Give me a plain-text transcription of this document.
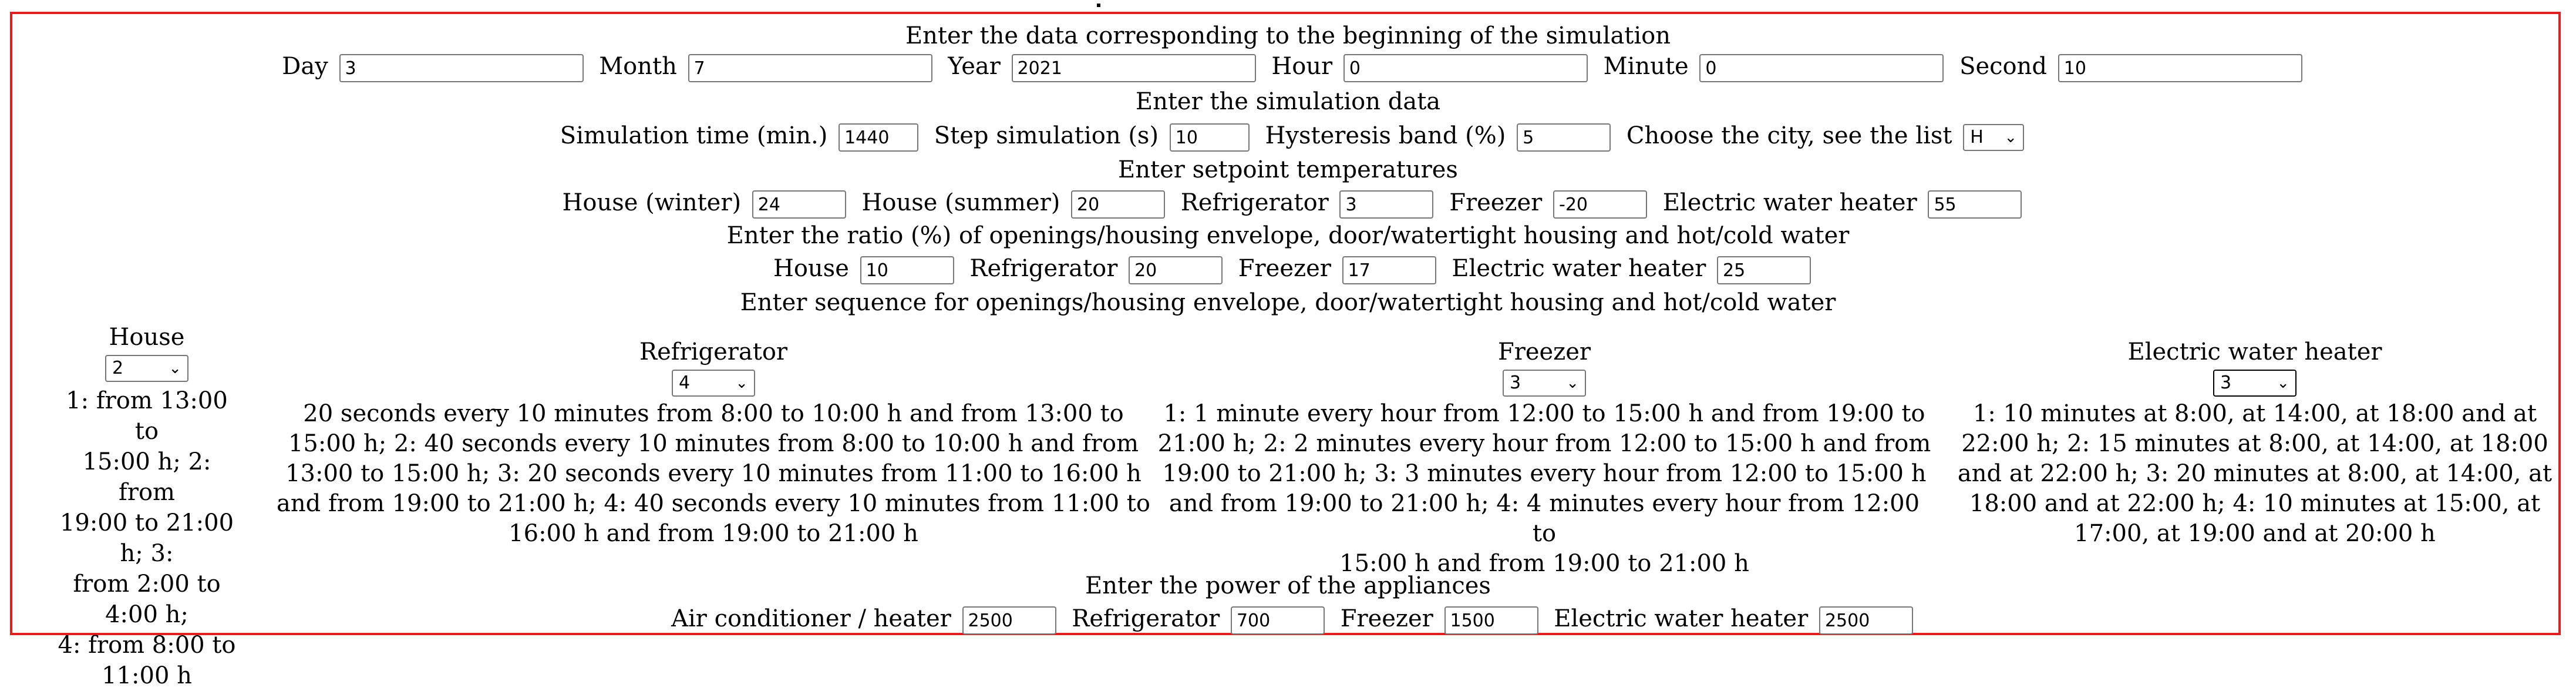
Enter the data corresponding to the beginning of the simulation
Day 3	Month 7	Year 2021	Hour 0	Minute 0	Second 10
Enter the simulation data
Simulation time (min.) 1440	Step simulation (s) 10	Hysteresis band (%) 5	Choose the city, see the list H ⌄
Enter setpoint temperatures
House (winter) 24	House (summer) 20	Refrigerator 3	Freezer -20	Electric water heater 55
Enter the ratio (%) of openings/housing envelope, door/watertight housing and hot/cold water
House 10	Refrigerator 20	Freezer 17	Electric water heater 25
Enter sequence for openings/housing envelope, door/watertight housing and hot/cold water
House
2	⌄
1: from 13:00 to
15:00 h; 2: from
19:00 to 21:00 h; 3:
from 2:00 to 4:00 h;
4: from 8:00 to
11:00 h
Refrigerator
4	⌄
20 seconds every 10 minutes from 8:00 to 10:00 h and from 13:00 to
15:00 h; 2: 40 seconds every 10 minutes from 8:00 to 10:00 h and from
13:00 to 15:00 h; 3: 20 seconds every 10 minutes from 11:00 to 16:00 h
and from 19:00 to 21:00 h; 4: 40 seconds every 10 minutes from 11:00 to
16:00 h and from 19:00 to 21:00 h
Freezer
3	⌄
1: 1 minute every hour from 12:00 to 15:00 h and from 19:00 to
21:00 h; 2: 2 minutes every hour from 12:00 to 15:00 h and from
19:00 to 21:00 h; 3: 3 minutes every hour from 12:00 to 15:00 h
and from 19:00 to 21:00 h; 4: 4 minutes every hour from 12:00 to
15:00 h and from 19:00 to 21:00 h
Electric water heater
3	⌄
1: 10 minutes at 8:00, at 14:00, at 18:00 and at
22:00 h; 2: 15 minutes at 8:00, at 14:00, at 18:00
and at 22:00 h; 3: 20 minutes at 8:00, at 14:00, at
18:00 and at 22:00 h; 4: 10 minutes at 15:00, at
17:00, at 19:00 and at 20:00 h
Enter the power of the appliances
Air conditioner / heater 2500	Refrigerator 700	Freezer 1500	Electric water heater 2500
